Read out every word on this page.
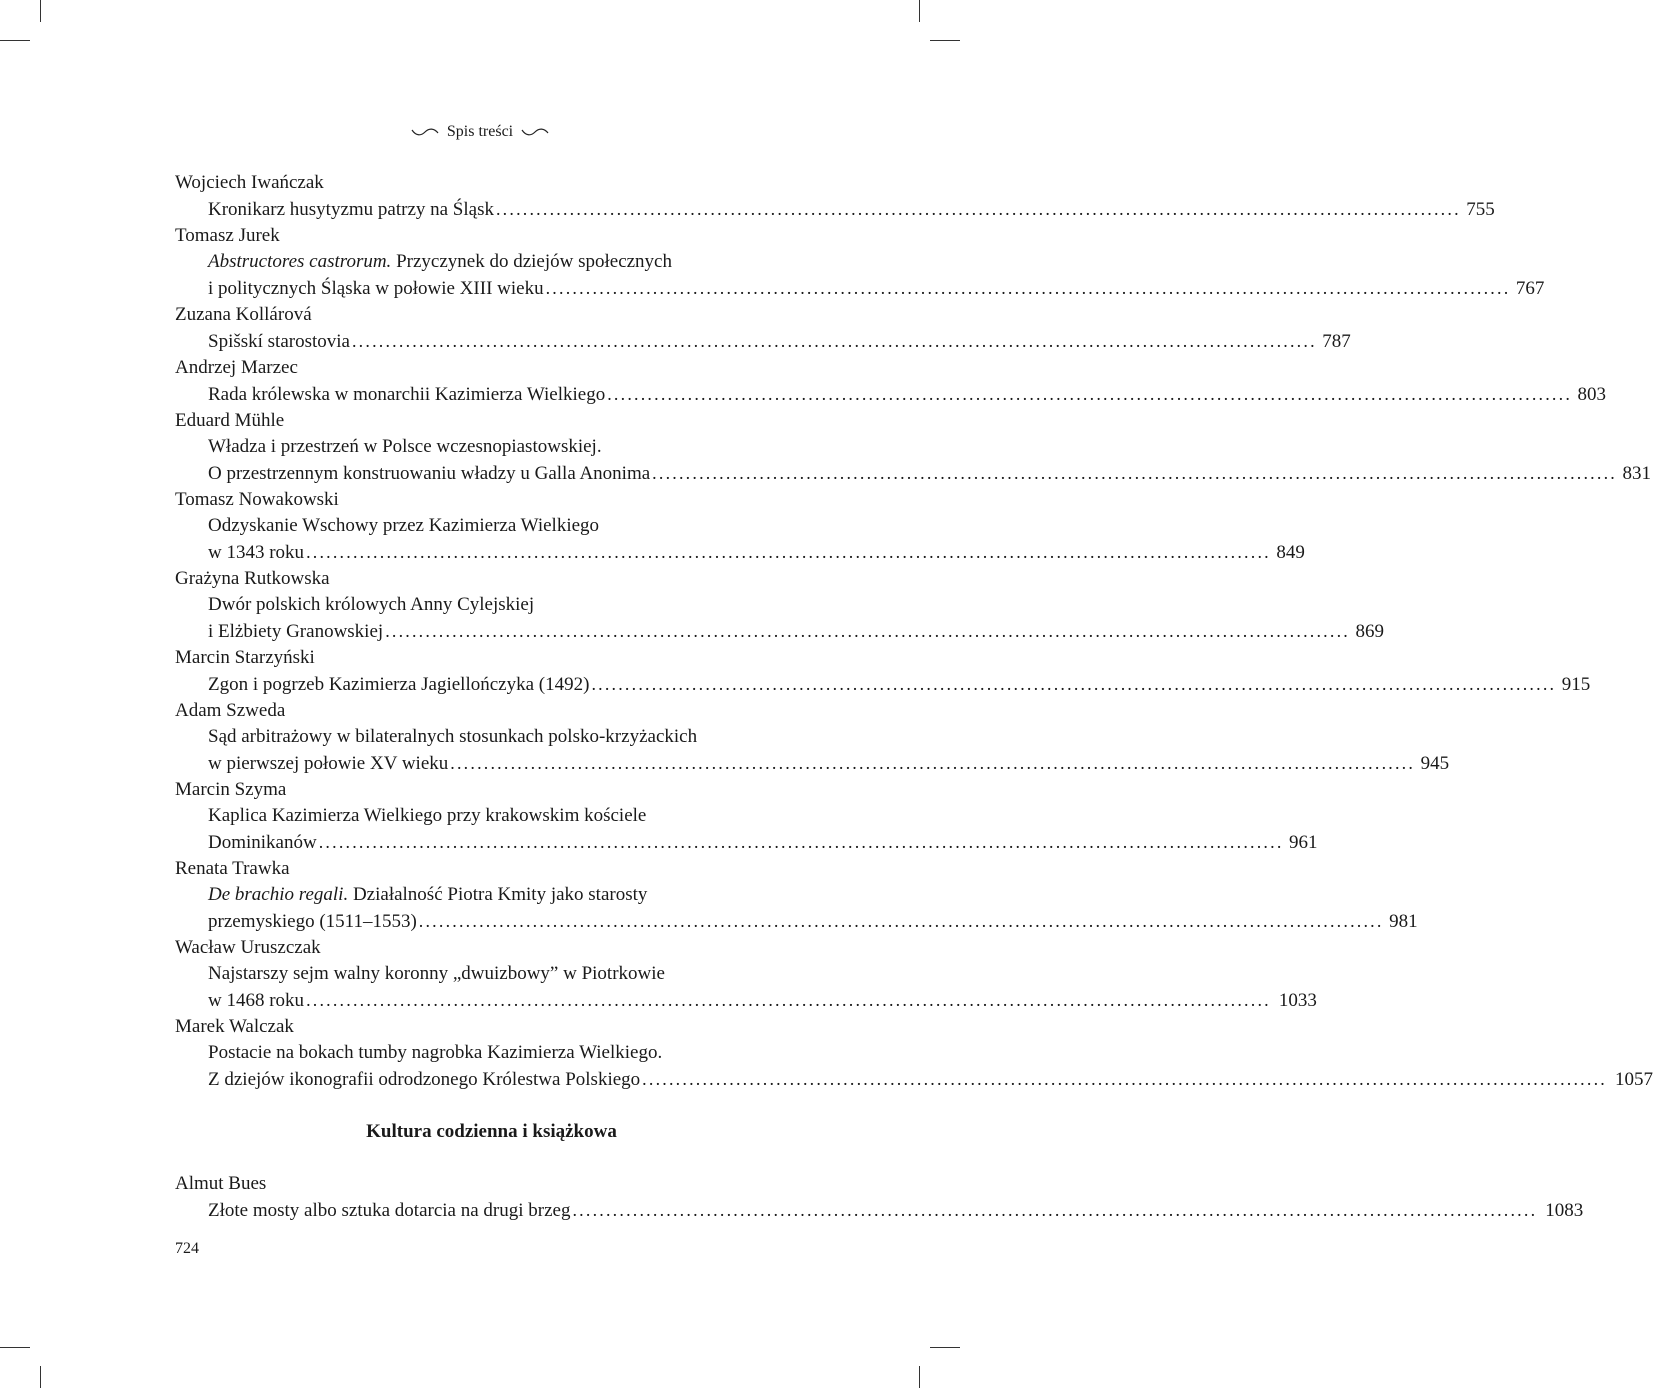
Spis treści
Wojciech Iwańczak
Kronikarz husytyzmu patrzy na Śląsk ................................................................................................................................................ 755
Tomasz Jurek
Abstructores castrorum. Przyczynek do dziejów społecznych
i politycznych Śląska w połowie XIII wieku ................................................................................................................................................ 767
Zuzana Kollárová
Spišskí starostovia ................................................................................................................................................ 787
Andrzej Marzec
Rada królewska w monarchii Kazimierza Wielkiego ................................................................................................................................................ 803
Eduard Mühle
Władza i przestrzeń w Polsce wczesnopiastowskiej.
O przestrzennym konstruowaniu władzy u Galla Anonima ................................................................................................................................................ 831
Tomasz Nowakowski
Odzyskanie Wschowy przez Kazimierza Wielkiego
w 1343 roku ................................................................................................................................................ 849
Grażyna Rutkowska
Dwór polskich królowych Anny Cylejskiej
i Elżbiety Granowskiej ................................................................................................................................................ 869
Marcin Starzyński
Zgon i pogrzeb Kazimierza Jagiellończyka (1492) ................................................................................................................................................ 915
Adam Szweda
Sąd arbitrażowy w bilateralnych stosunkach polsko-krzyżackich
w pierwszej połowie XV wieku ................................................................................................................................................ 945
Marcin Szyma
Kaplica Kazimierza Wielkiego przy krakowskim kościele
Dominikanów ................................................................................................................................................ 961
Renata Trawka
De brachio regali. Działalność Piotra Kmity jako starosty
przemyskiego (1511–1553) ................................................................................................................................................ 981
Wacław Uruszczak
Najstarszy sejm walny koronny „dwuizbowy” w Piotrkowie
w 1468 roku ................................................................................................................................................ 1033
Marek Walczak
Postacie na bokach tumby nagrobka Kazimierza Wielkiego.
Z dziejów ikonografii odrodzonego Królestwa Polskiego ................................................................................................................................................ 1057
Kultura codzienna i książkowa
Almut Bues
Złote mosty albo sztuka dotarcia na drugi brzeg ................................................................................................................................................ 1083
724
